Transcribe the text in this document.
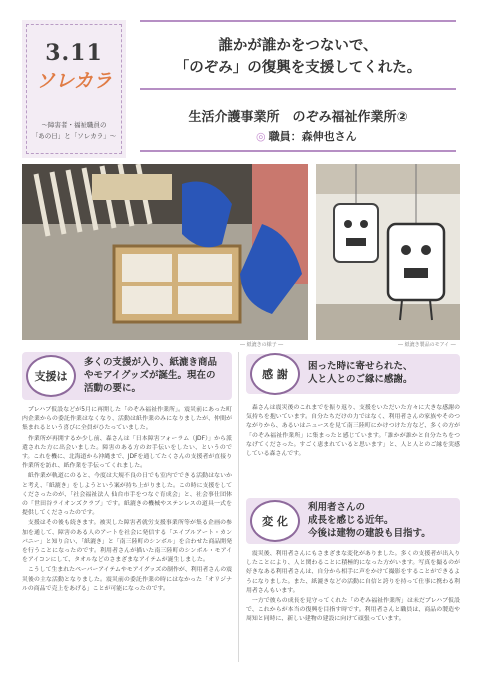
3.11
ソレカラ
〜障害者・福祉職員の
「あの日」と「ソレカラ」〜
誰かが誰かをつないで、
「のぞみ」の復興を支援してくれた。
生活介護事業所　のぞみ福祉作業所②
◎ 職員：森伸也さん
― 紙漉きの様子 ―	― 紙漉き製品のモアイ ―
支援は
多くの支援が入り、紙漉き商品
やモアイグッズが誕生。現在の
活動の要に。

プレハブ仮設などが5月に再開した「のぞみ福祉作業所」。震災前にあった町内企業からの委託作業はなくなり、活動は紙作業のみになりましたが、仲間が集まれるという喜びに全員がひたっていました。

作業所が再開するか少し前、森さんは「日本障害フォーラム（JDF）」から派遣された方に出会いました。障害のある方のお手伝いをしたい、というのです。これを機に、北海道から沖縄まで、JDFを通してたくさんの支援者が直接り作業所を訪れ、紙作業を手伝ってくれました。

紙作業が軌道にのると、今度は大規不良の日でも室内でできる活動はないかと考え、「紙漉き」をしようという案が持ち上がりました。この時に支援をしてくださったのが、「社会福祉法人 仙台市手をつなぐ育成会」と、社会事仕団体の「世田谷ライオンズクラブ」です。紙漉きの機械やステンレスの道具一式を提供してくださったのです。

支援はその後も続きます。被災した障害者就労支援事業所等が集る企画の参加を通して、障害のある人のアートを社会に発信する「エイブルアート・カンパニー」と知り合い、「紙漉き」と「南三陸町のシンボル」を合わせた商品開発を行うことになったのです。利用者さんが描いた南三陸町のシンボル・モアイをアイコンにして、タオルなどのさまざまなアイテムが誕生しました。

こうして生まれたペーパーアイテムやモアイグッズの制作が、利用者さんの震災後の主な活動となりました。震災前の委託作業の時にはなかった「オリジナルの商品で売上をあげる」ことが可能になったのです。

感 謝
困った時に寄せられた、
人と人とのご縁に感謝。

森さんは震災後のこれまでを振り返り、支援をいただいた方々に大きな感謝の気持ちを抱いています。自分たちだけの力ではなく、利用者さんの家族やそのつながりから、あるいはニュースを見て南三陸町にかけつけた方など、多くの方が「のぞみ福祉作業所」に集まったと感じています。「誰かが誰かと自分たちをつなげてくださった。すごく恵まれていると思います」と、人と人とのご縁を実感している森さんです。

変 化
利用者さんの
成長を感じる近年。
今後は建物の建設も目指す。

震災後、利用者さんにもさまざまな変化がありました。多くの支援者が出入りしたことにより、人と関わることに積極的になった方がいます。写真を撮るのが好きなある利用者さんは、自分から相手に声をかけて撮影をすることができるようになりました。また、紙漉きなどの活動に自信と誇りを持って仕事に携わる利用者さんもいます。

一方で彼らの成長を見守ってくれた「のぞみ福祉作業所」は未だプレハブ仮設で、これからが本当の復興を目指す時です。利用者さんと職員は、商品の製造や周知と同時に、新しい建物の建設に向けて頑張っています。
